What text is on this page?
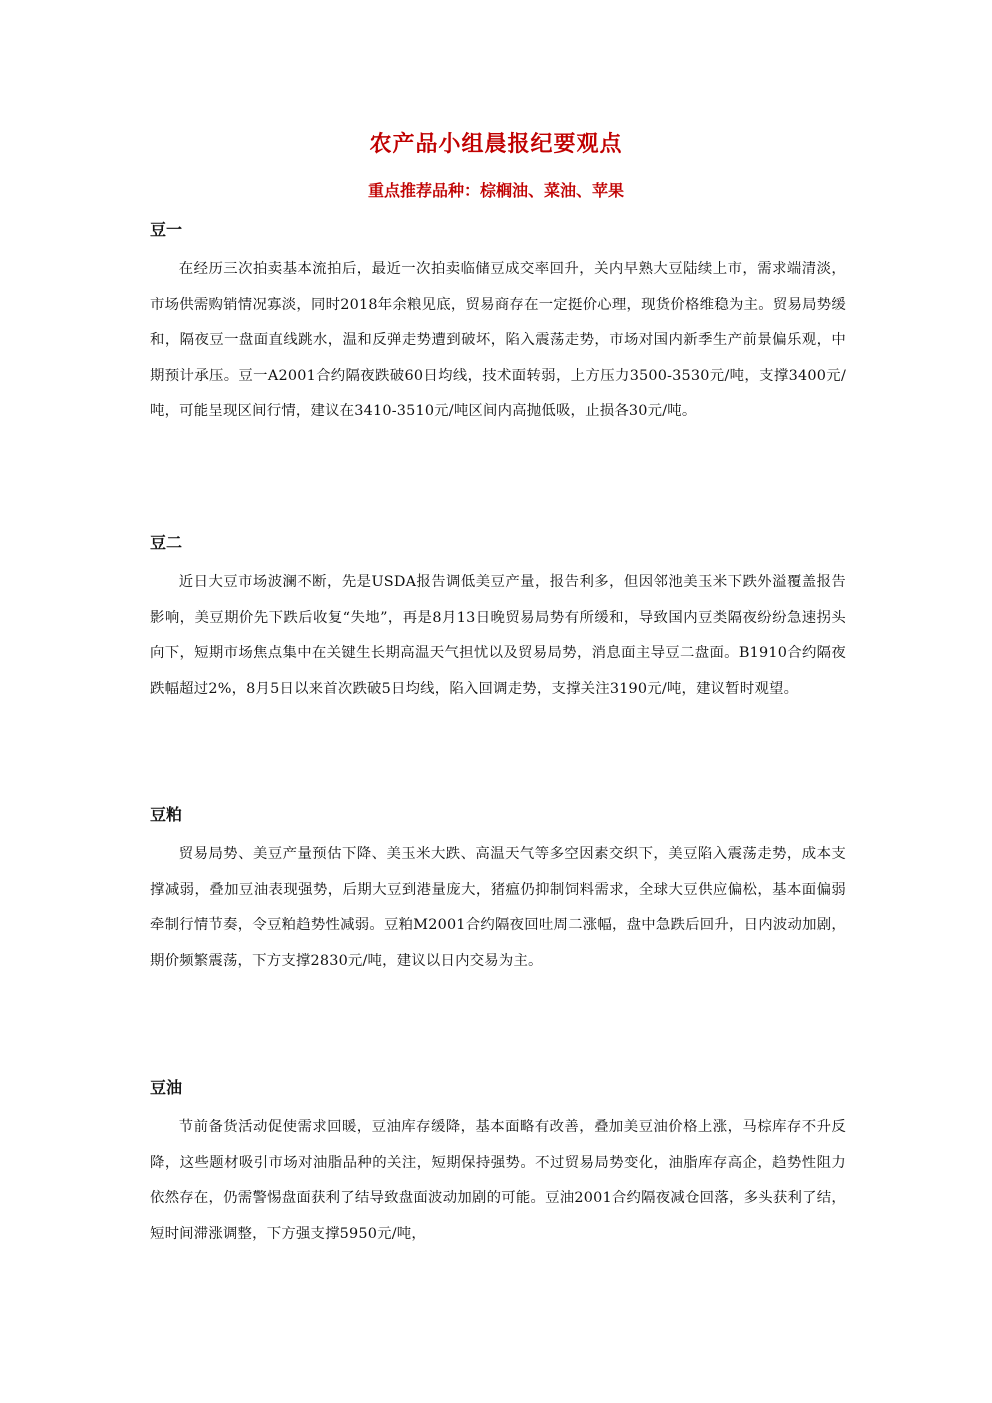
农产品小组晨报纪要观点
重点推荐品种：棕榈油、菜油、苹果
豆一

在经历三次拍卖基本流拍后，最近一次拍卖临储豆成交率回升，关内早熟大豆陆续上市，需求端清淡，市场供需购销情况寡淡，同时2018年余粮见底，贸易商存在一定挺价心理，现货价格维稳为主。贸易局势缓和，隔夜豆一盘面直线跳水，温和反弹走势遭到破坏，陷入震荡走势，市场对国内新季生产前景偏乐观，中期预计承压。豆一A2001合约隔夜跌破60日均线，技术面转弱，上方压力3500-3530元/吨，支撑3400元/吨，可能呈现区间行情，建议在3410-3510元/吨区间内高抛低吸，止损各30元/吨。

豆二

近日大豆市场波澜不断，先是USDA报告调低美豆产量，报告利多，但因邻池美玉米下跌外溢覆盖报告影响，美豆期价先下跌后收复“失地”，再是8月13日晚贸易局势有所缓和，导致国内豆类隔夜纷纷急速拐头向下，短期市场焦点集中在关键生长期高温天气担忧以及贸易局势，消息面主导豆二盘面。B1910合约隔夜跌幅超过2%，8月5日以来首次跌破5日均线，陷入回调走势，支撑关注3190元/吨，建议暂时观望。

豆粕

贸易局势、美豆产量预估下降、美玉米大跌、高温天气等多空因素交织下，美豆陷入震荡走势，成本支撑减弱，叠加豆油表现强势，后期大豆到港量庞大，猪瘟仍抑制饲料需求，全球大豆供应偏松，基本面偏弱牵制行情节奏，令豆粕趋势性减弱。豆粕M2001合约隔夜回吐周二涨幅，盘中急跌后回升，日内波动加剧，期价频繁震荡，下方支撑2830元/吨，建议以日内交易为主。

豆油

节前备货活动促使需求回暖，豆油库存缓降，基本面略有改善，叠加美豆油价格上涨，马棕库存不升反降，这些题材吸引市场对油脂品种的关注，短期保持强势。不过贸易局势变化，油脂库存高企，趋势性阻力依然存在，仍需警惕盘面获利了结导致盘面波动加剧的可能。豆油2001合约隔夜减仓回落，多头获利了结，短时间滞涨调整，下方强支撑5950元/吨，
